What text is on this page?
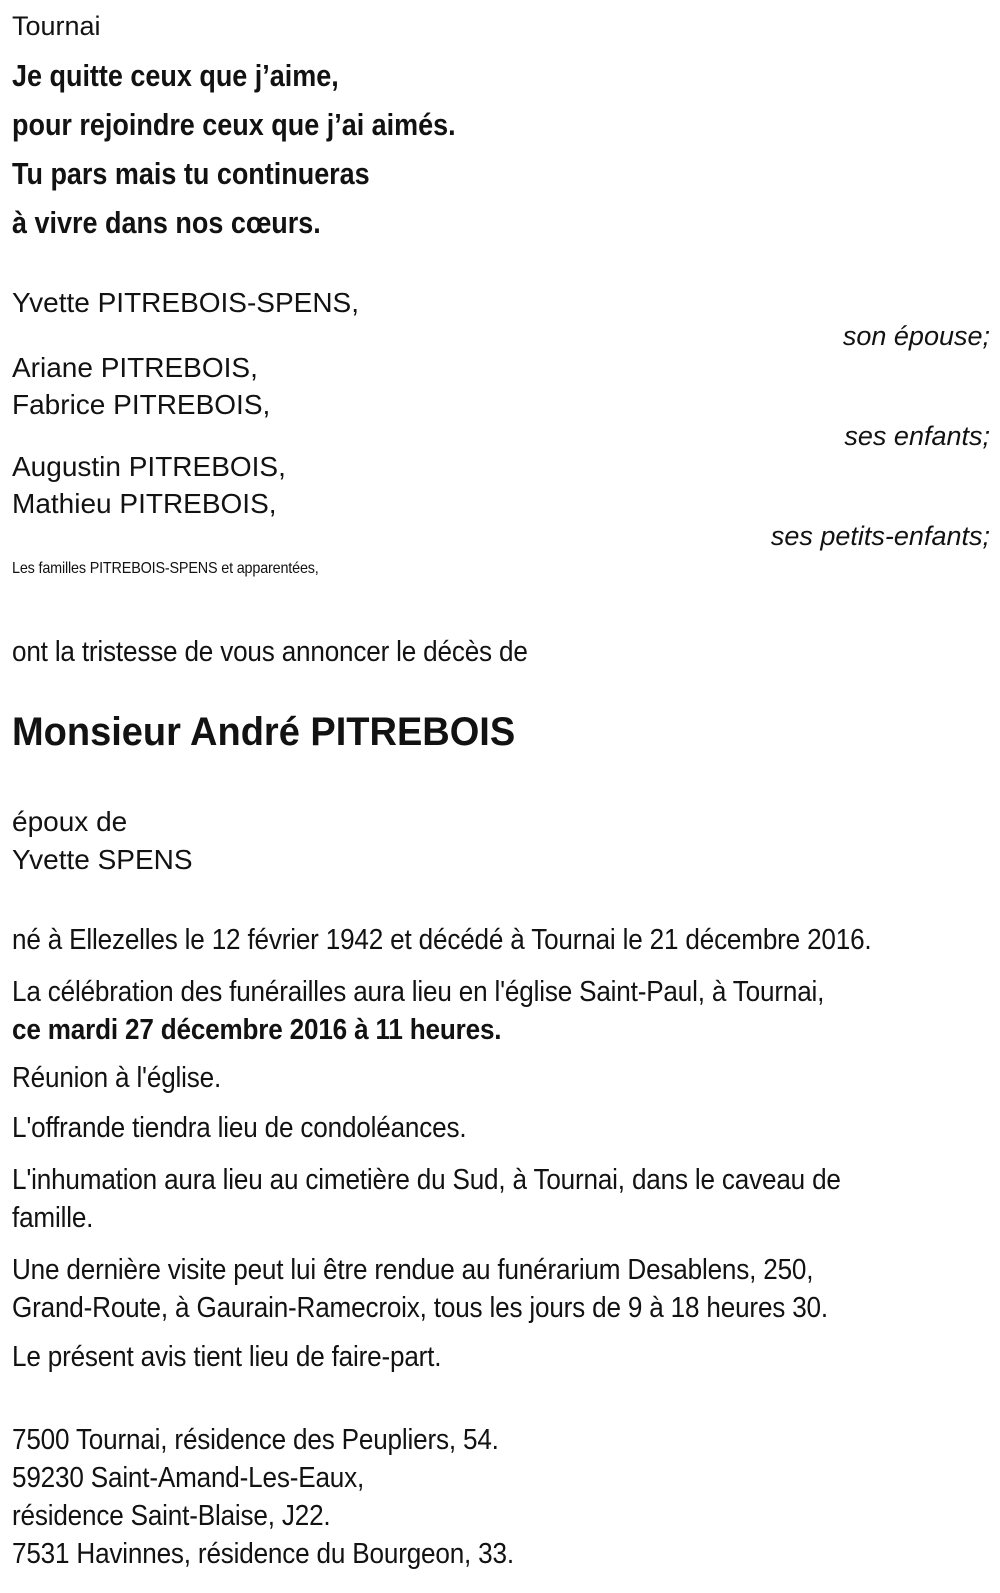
Tournai
Je quitte ceux que j’aime,
pour rejoindre ceux que j’ai aimés.
Tu pars mais tu continueras
à vivre dans nos cœurs.
Yvette PITREBOIS-SPENS,
son épouse;
Ariane PITREBOIS,
Fabrice PITREBOIS,
ses enfants;
Augustin PITREBOIS,
Mathieu PITREBOIS,
ses petits-enfants;
Les familles PITREBOIS-SPENS et apparentées,
ont la tristesse de vous annoncer le décès de
Monsieur André PITREBOIS
époux de
Yvette SPENS
né à Ellezelles le 12 février 1942 et décédé à Tournai le 21 décembre 2016.
La célébration des funérailles aura lieu en l'église Saint-Paul, à Tournai,
ce mardi 27 décembre 2016 à 11 heures.
Réunion à l'église.
L'offrande tiendra lieu de condoléances.
L'inhumation aura lieu au cimetière du Sud, à Tournai, dans le caveau de
famille.
Une dernière visite peut lui être rendue au funérarium Desablens, 250,
Grand-Route, à Gaurain-Ramecroix, tous les jours de 9 à 18 heures 30.
Le présent avis tient lieu de faire-part.
7500 Tournai, résidence des Peupliers, 54.
59230 Saint-Amand-Les-Eaux,
résidence Saint-Blaise, J22.
7531 Havinnes, résidence du Bourgeon, 33.
